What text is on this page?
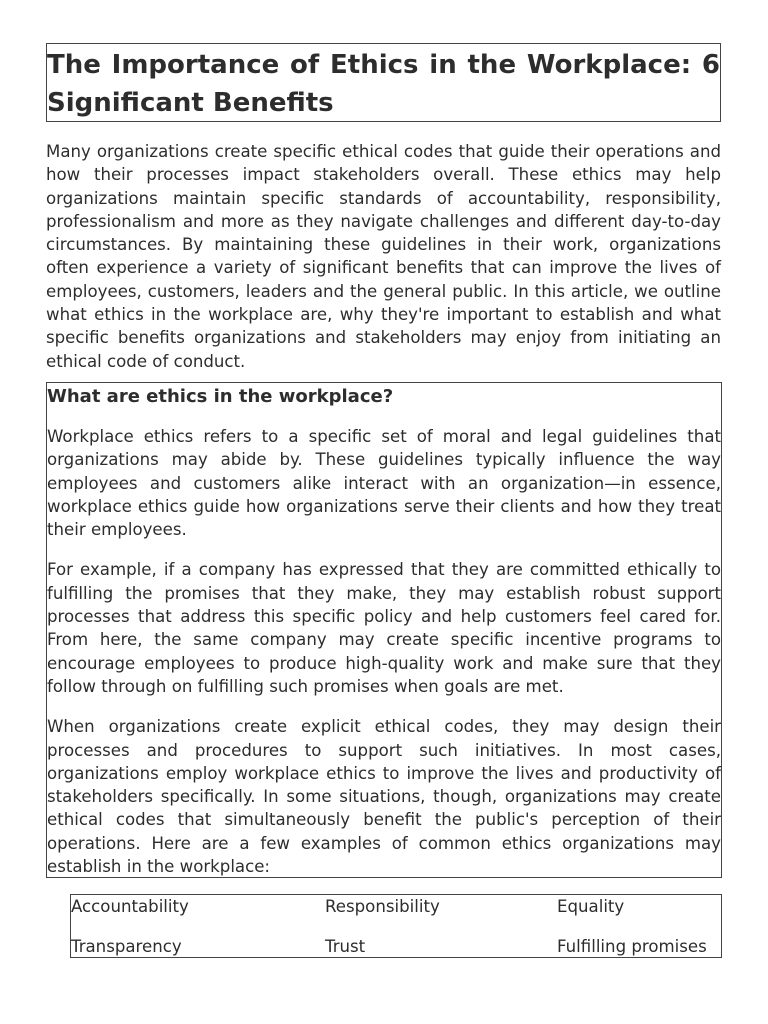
The Importance of Ethics in the Workplace: 6 Significant Benefits

Many organizations create specific ethical codes that guide their operations and how their processes impact stakeholders overall. These ethics may help organizations maintain specific standards of accountability, responsibility, professionalism and more as they navigate challenges and different day-to-day circumstances. By maintaining these guidelines in their work, organizations often experience a variety of significant benefits that can improve the lives of employees, customers, leaders and the general public. In this article, we outline what ethics in the workplace are, why they're important to establish and what specific benefits organizations and stakeholders may enjoy from initiating an ethical code of conduct.

What are ethics in the workplace?

Workplace ethics refers to a specific set of moral and legal guidelines that organizations may abide by. These guidelines typically influence the way employees and customers alike interact with an organization—in essence, workplace ethics guide how organizations serve their clients and how they treat their employees.

For example, if a company has expressed that they are committed ethically to fulfilling the promises that they make, they may establish robust support processes that address this specific policy and help customers feel cared for. From here, the same company may create specific incentive programs to encourage employees to produce high-quality work and make sure that they follow through on fulfilling such promises when goals are met.

When organizations create explicit ethical codes, they may design their processes and procedures to support such initiatives. In most cases, organizations employ workplace ethics to improve the lives and productivity of stakeholders specifically. In some situations, though, organizations may create ethical codes that simultaneously benefit the public's perception of their operations. Here are a few examples of common ethics organizations may establish in the workplace:

Accountability	Responsibility	Equality
Transparency	Trust	Fulfilling promises
